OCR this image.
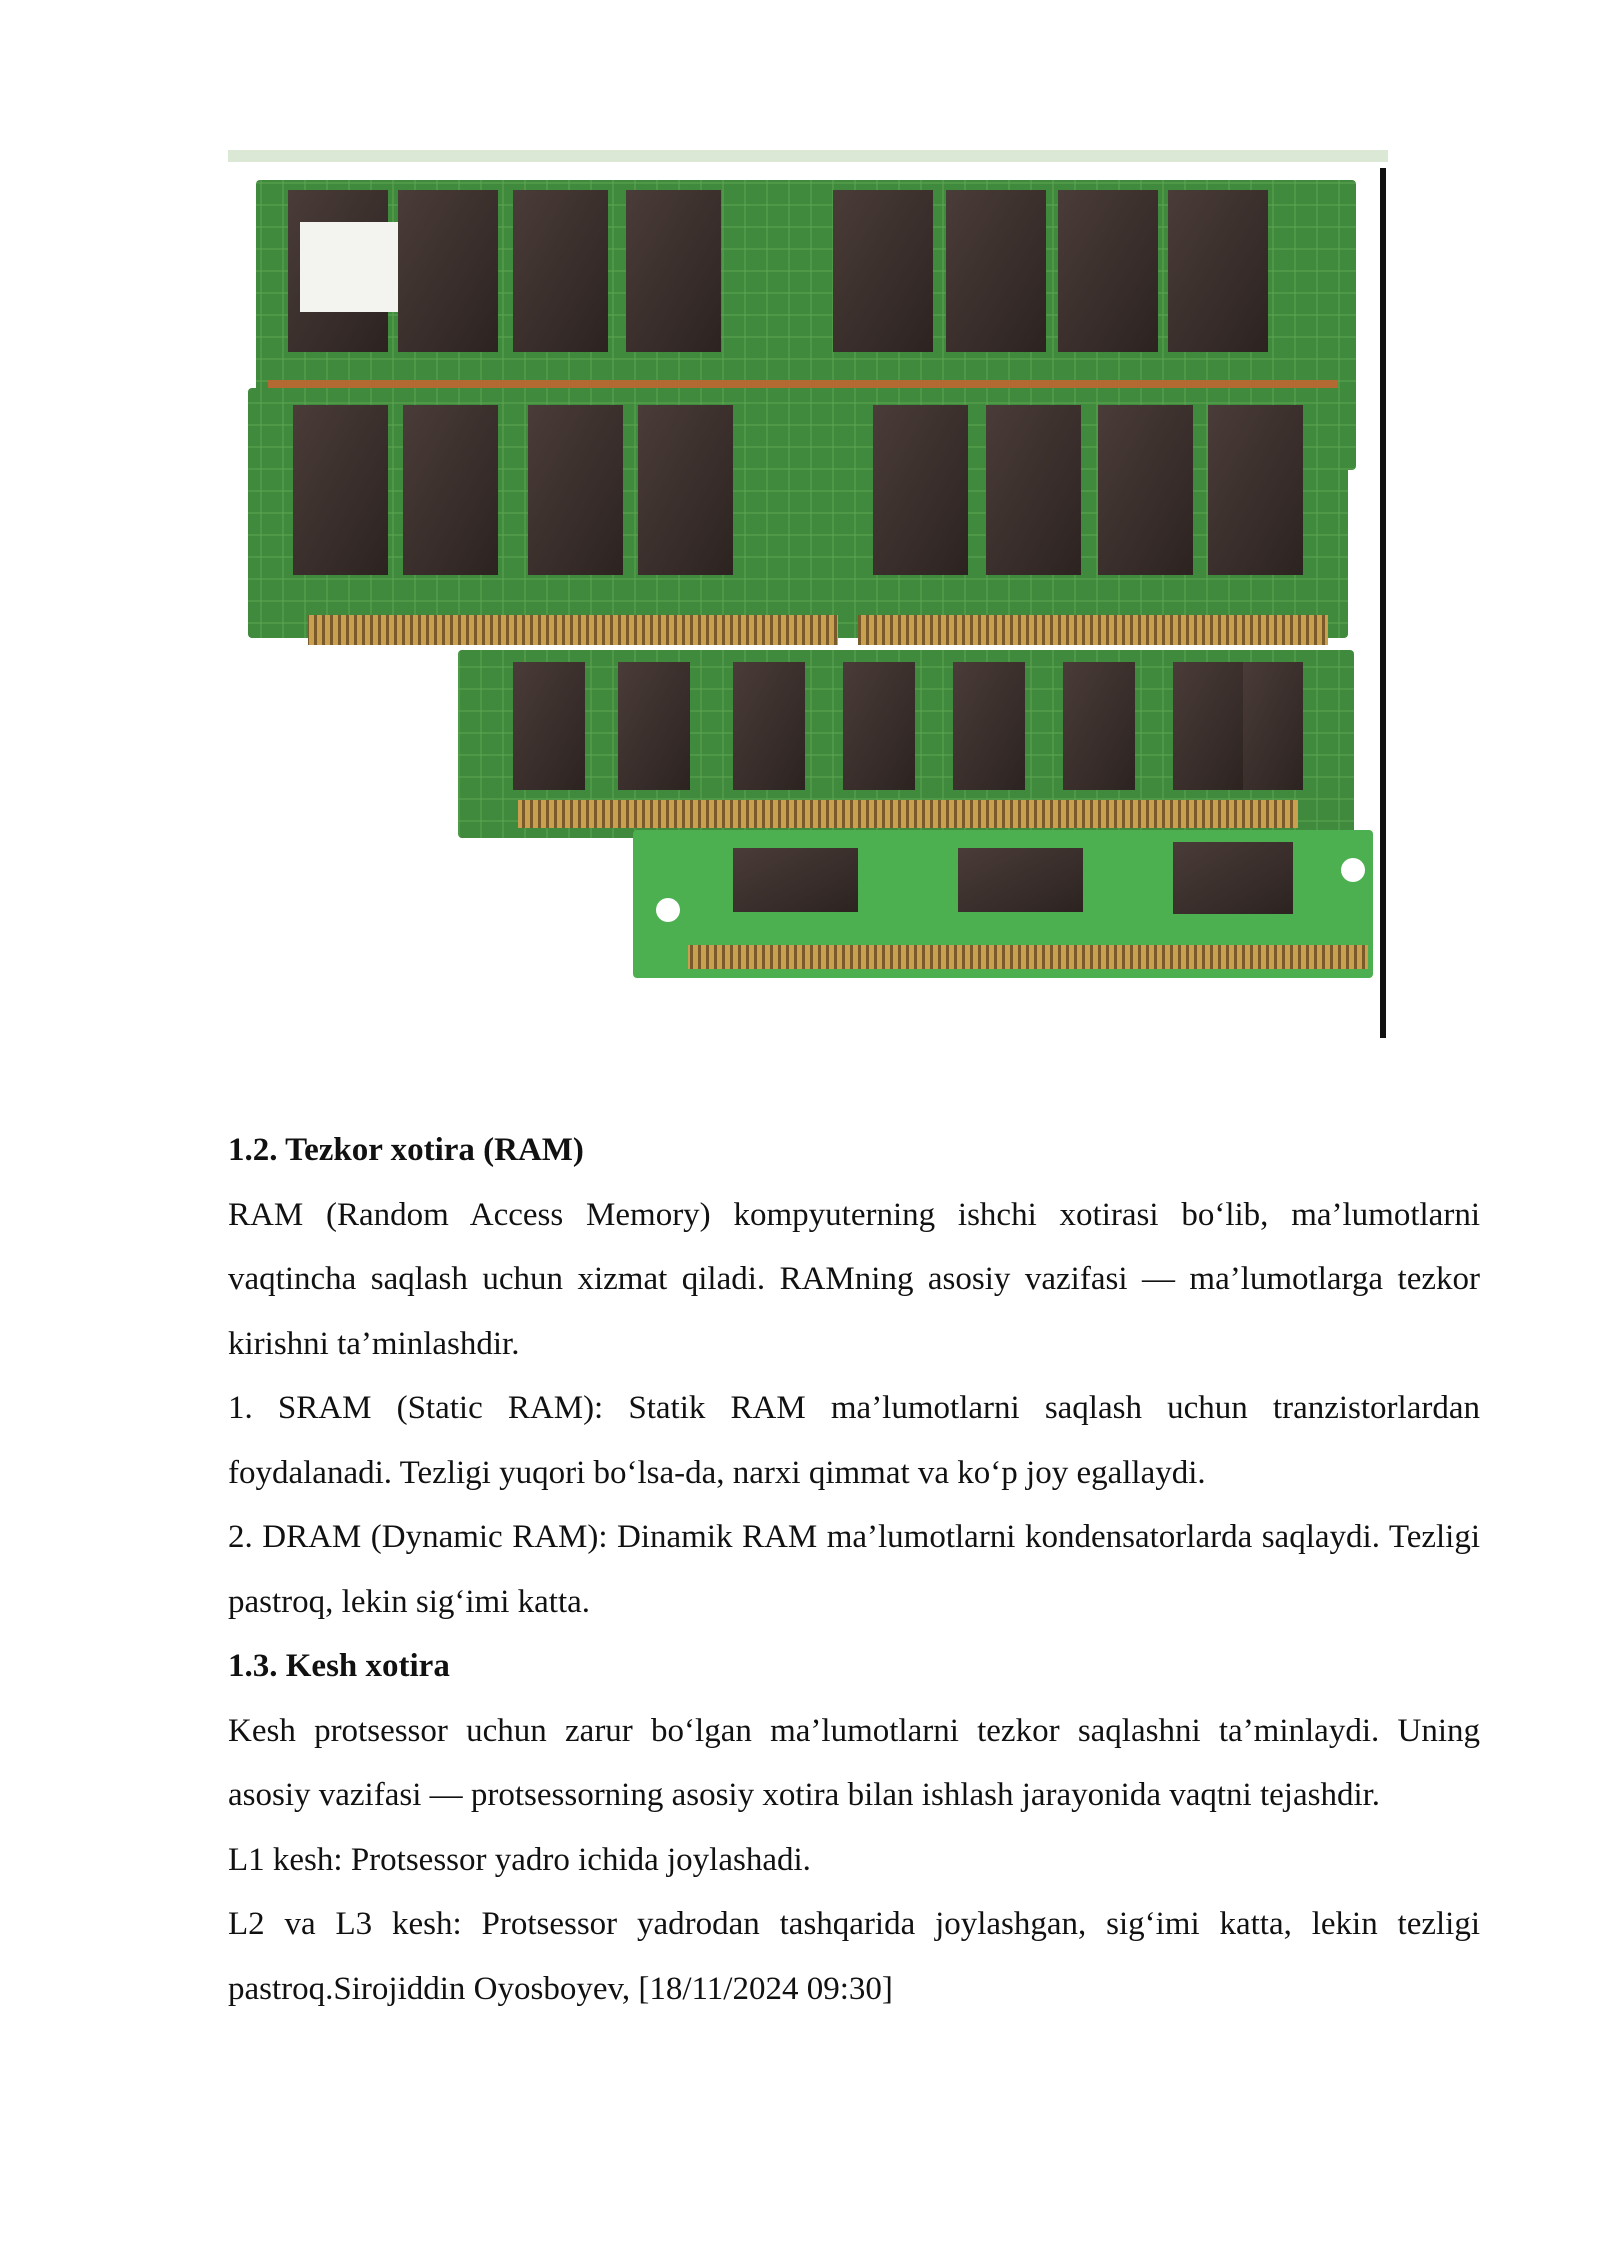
1.2. Tezkor xotira (RAM)

RAM (Random Access Memory) kompyuterning ishchi xotirasi bo‘lib, ma’lumotlarni vaqtincha saqlash uchun xizmat qiladi. RAMning asosiy vazifasi — ma’lumotlarga tezkor kirishni ta’minlashdir.

1. SRAM (Static RAM): Statik RAM ma’lumotlarni saqlash uchun tranzistorlardan foydalanadi. Tezligi yuqori bo‘lsa-da, narxi qimmat va ko‘p joy egallaydi.

2. DRAM (Dynamic RAM): Dinamik RAM ma’lumotlarni kondensatorlarda saqlaydi. Tezligi pastroq, lekin sig‘imi katta.

1.3. Kesh xotira

Kesh protsessor uchun zarur bo‘lgan ma’lumotlarni tezkor saqlashni ta’minlaydi. Uning asosiy vazifasi — protsessorning asosiy xotira bilan ishlash jarayonida vaqtni tejashdir.

L1 kesh: Protsessor yadro ichida joylashadi.

L2 va L3 kesh: Protsessor yadrodan tashqarida joylashgan, sig‘imi katta, lekin tezligi pastroq.Sirojiddin Oyosboyev, [18/11/2024 09:30]
